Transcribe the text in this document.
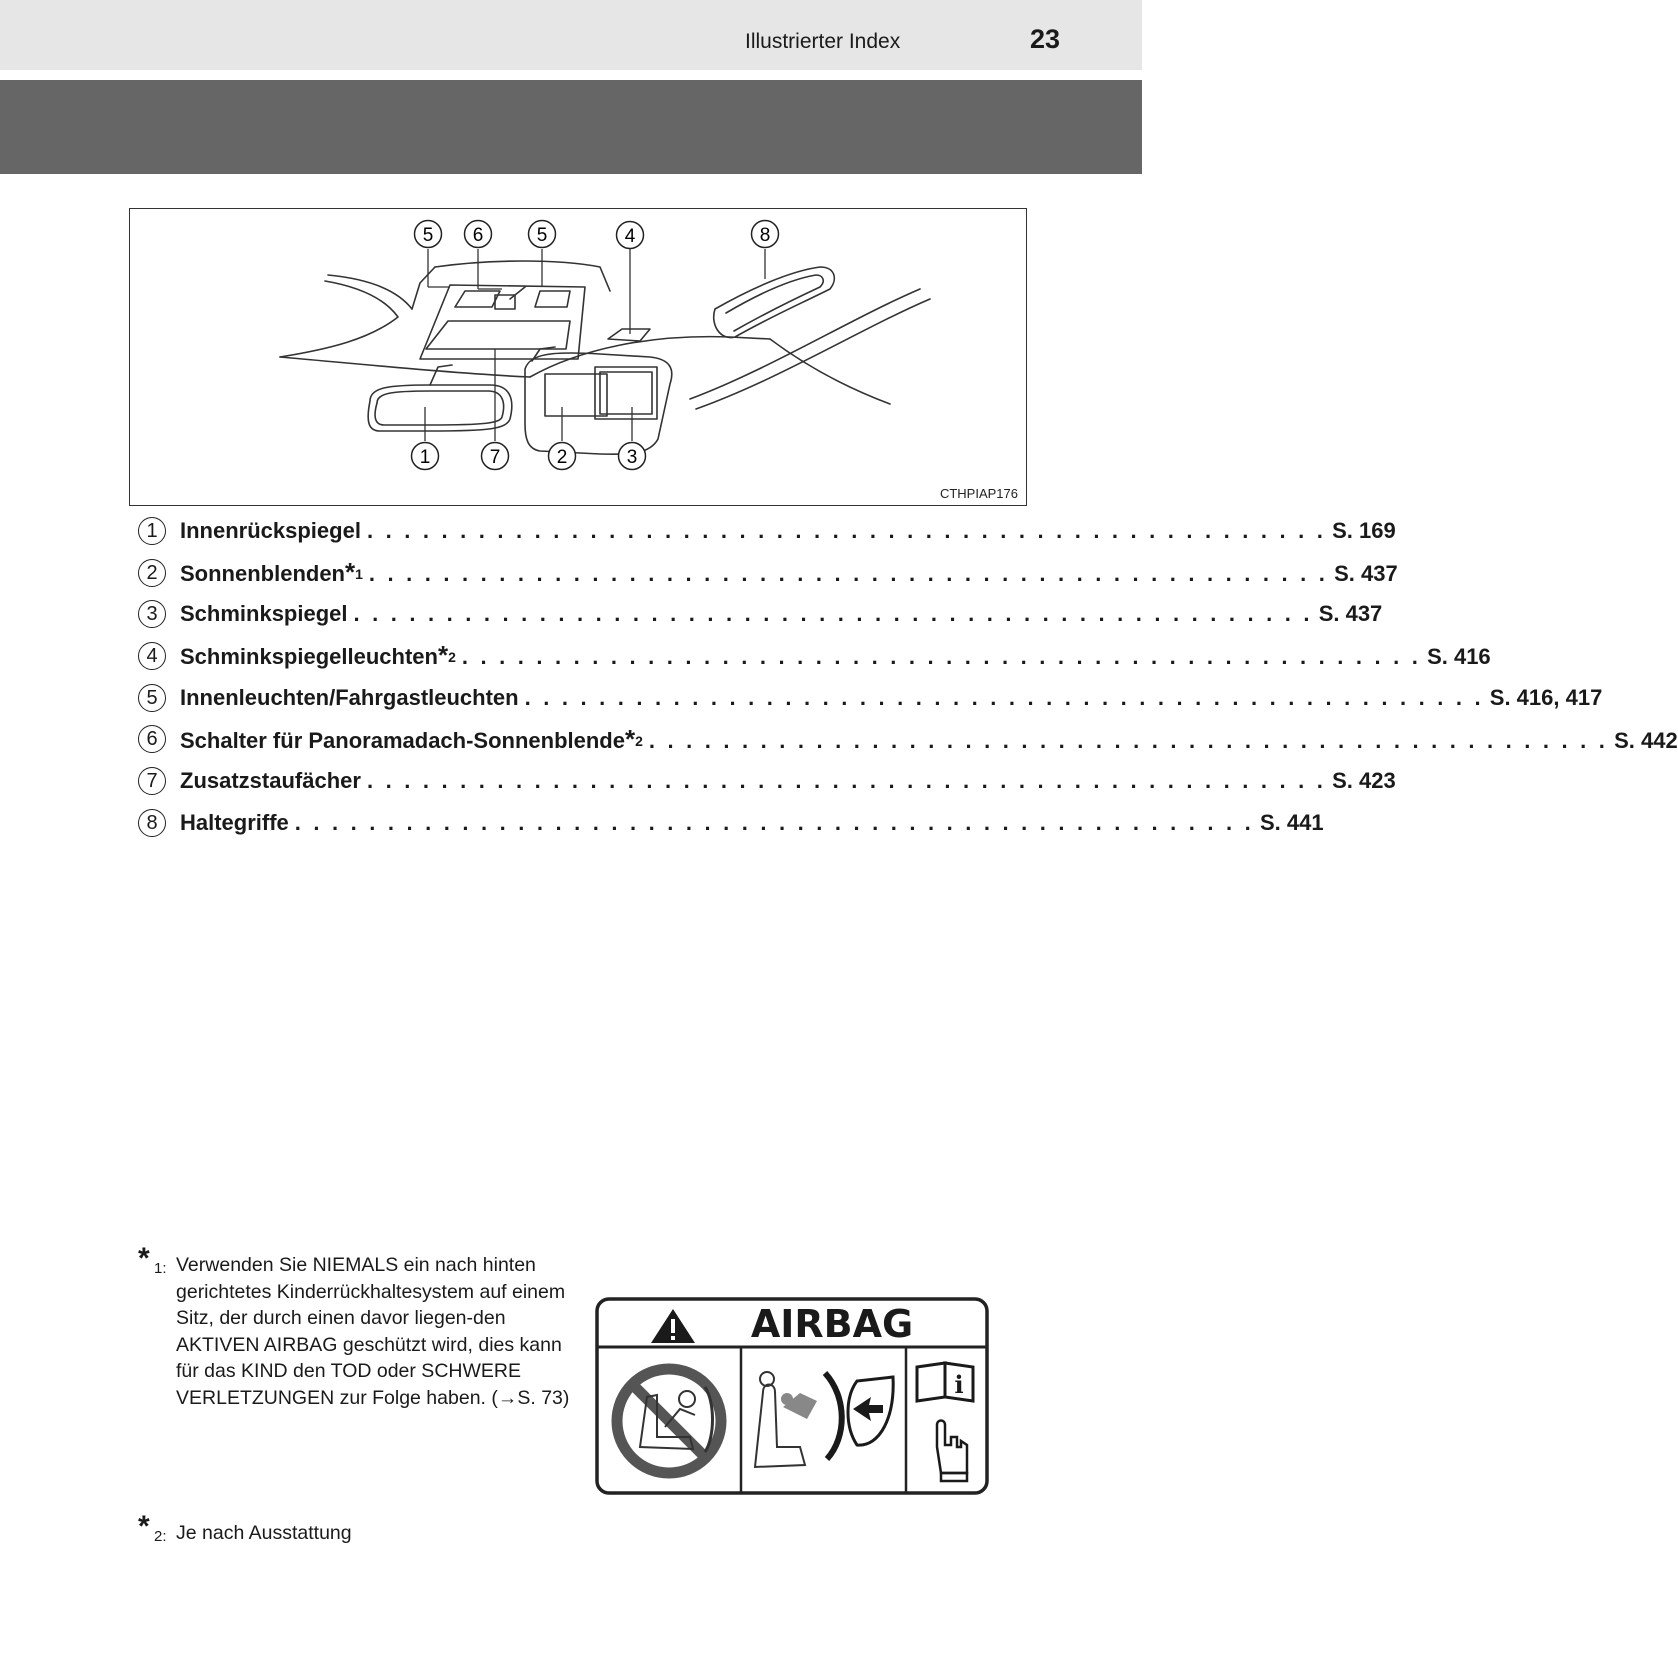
Illustrierter Index	23
5 6	5	4	8
1	7	2	3
CTHPIAP176
1	Innenrückspiegel . . . . . . . . . . . . . . . . . . . . . . . . . . . . . . . . . . . . . . . . . . . . . . . . . . . . S. 169
2	Sonnenblenden *$^1$ . . . . . . . . . . . . . . . . . . . . . . . . . . . . . . . . . . . . . . . . . . . . . . . . . . . . S. 437
3	Schminkspiegel . . . . . . . . . . . . . . . . . . . . . . . . . . . . . . . . . . . . . . . . . . . . . . . . . . . . S. 437
4	Schminkspiegelleuchten *$^2$ . . . . . . . . . . . . . . . . . . . . . . . . . . . . . . . . . . . . . . . . . . . . . . . . . . . . S. 416
5	Innenleuchten/Fahrgastleuchten . . . . . . . . . . . . . . . . . . . . . . . . . . . . . . . . . . . . . . . . . . . . . . . . . . . . S. 416, 417
6	Schalter für Panoramadach-Sonnenblende *$^2$ . . . . . . . . . . . . . . . . . . . . . . . . . . . . . . . . . . . . . . . . . . . . . . . . . . . . S. 442
7	Zusatzstaufächer . . . . . . . . . . . . . . . . . . . . . . . . . . . . . . . . . . . . . . . . . . . . . . . . . . . . S. 423
8	Haltegriffe . . . . . . . . . . . . . . . . . . . . . . . . . . . . . . . . . . . . . . . . . . . . . . . . . . . . S. 441
* 1: Verwenden Sie NIEMALS ein nach hinten gerichtetes Kinderrückhaltesystem auf einem Sitz, der durch einen davor liegen-den AKTIVEN AIRBAG geschützt wird, dies kann für das KIND den TOD oder SCHWERE VERLETZUNGEN zur Folge haben. (→S. 73)
* 2: Je nach Ausstattung
AIRBAG
i
